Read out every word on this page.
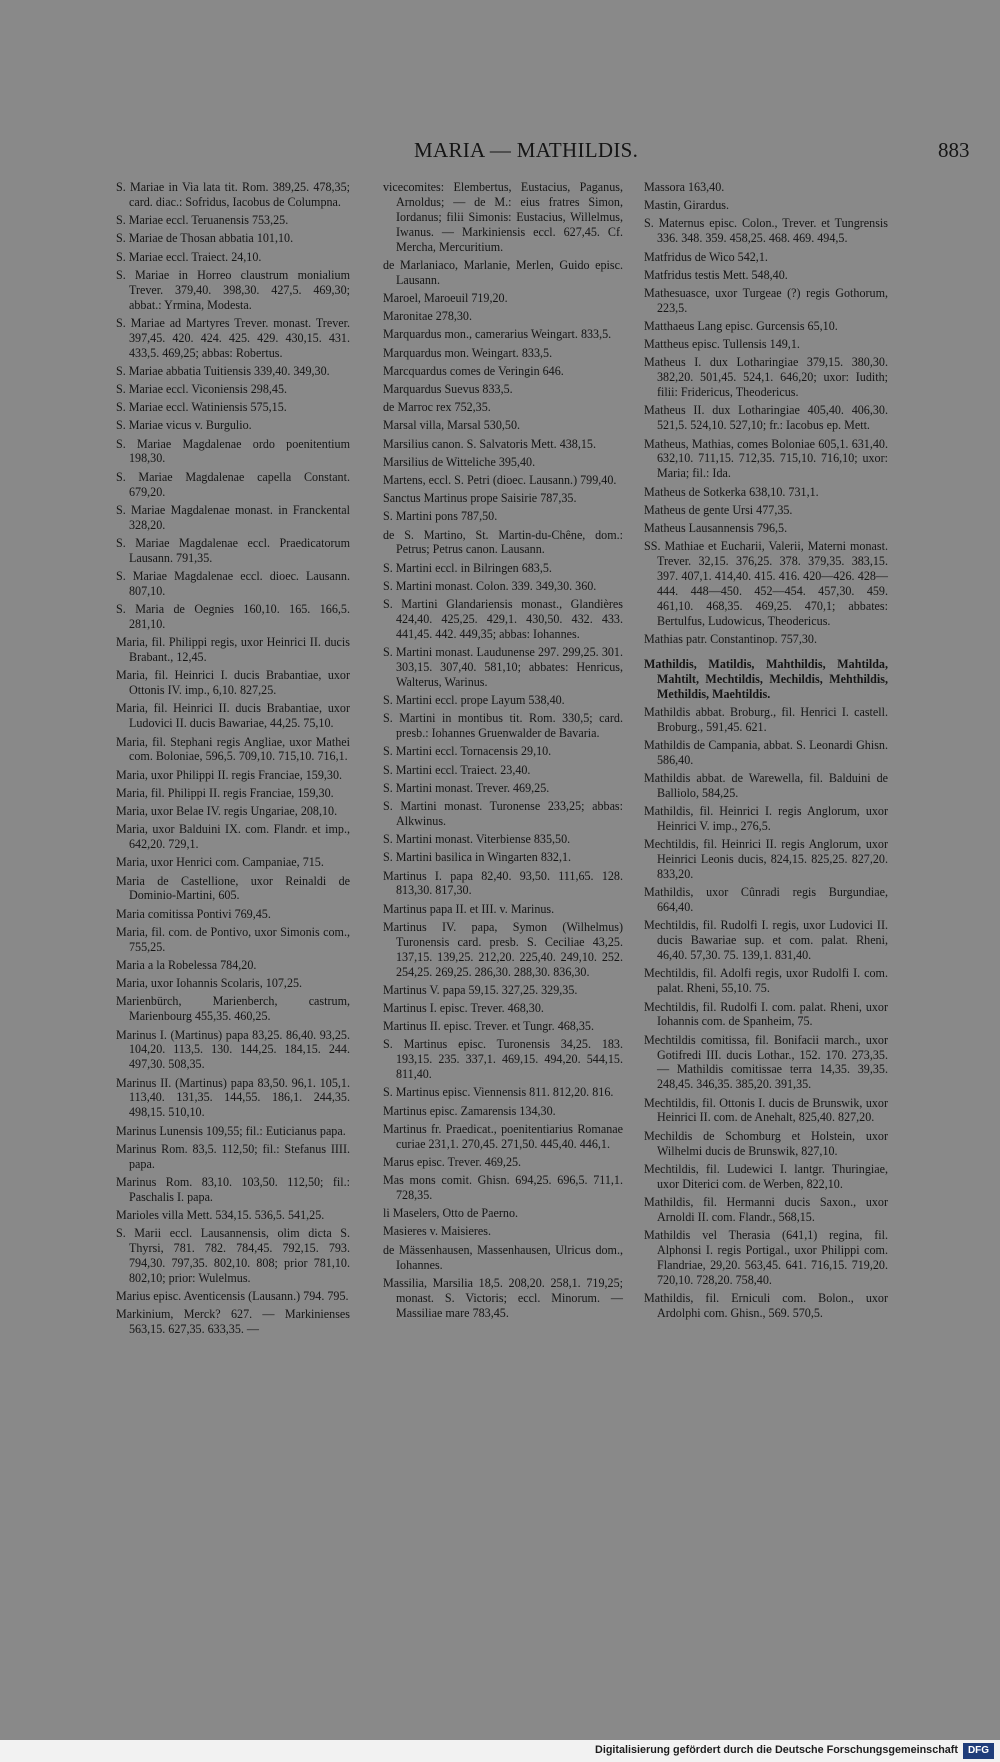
MARIA — MATHILDIS.	883
S. Mariae in Via lata tit. Rom. 389,25. 478,35; card. diac.: Sofridus, Iacobus de Columpna.
S. Mariae eccl. Teruanensis 753,25.
S. Mariae de Thosan abbatia 101,10.
S. Mariae eccl. Traiect. 24,10.
S. Mariae in Horreo claustrum monialium Trever. 379,40. 398,30. 427,5. 469,30; abbat.: Yrmina, Modesta.
S. Mariae ad Martyres Trever. monast. Trever. 397,45. 420. 424. 425. 429. 430,15. 431. 433,5. 469,25; abbas: Robertus.
S. Mariae abbatia Tuitiensis 339,40. 349,30.
S. Mariae eccl. Viconiensis 298,45.
S. Mariae eccl. Watiniensis 575,15.
S. Mariae vicus v. Burgulio.
S. Mariae Magdalenae ordo poenitentium 198,30.
S. Mariae Magdalenae capella Constant. 679,20.
S. Mariae Magdalenae monast. in Franckental 328,20.
S. Mariae Magdalenae eccl. Praedicatorum Lausann. 791,35.
S. Mariae Magdalenae eccl. dioec. Lausann. 807,10.
S. Maria de Oegnies 160,10. 165. 166,5. 281,10.
Maria, fil. Philippi regis, uxor Heinrici II. ducis Brabant., 12,45.
Maria, fil. Heinrici I. ducis Brabantiae, uxor Ottonis IV. imp., 6,10. 827,25.
Maria, fil. Heinrici II. ducis Brabantiae, uxor Ludovici II. ducis Bawariae, 44,25. 75,10.
Maria, fil. Stephani regis Angliae, uxor Mathei com. Boloniae, 596,5. 709,10. 715,10. 716,1.
Maria, uxor Philippi II. regis Franciae, 159,30.
Maria, fil. Philippi II. regis Franciae, 159,30.
Maria, uxor Belae IV. regis Ungariae, 208,10.
Maria, uxor Balduini IX. com. Flandr. et imp., 642,20. 729,1.
Maria, uxor Henrici com. Campaniae, 715.
Maria de Castellione, uxor Reinaldi de Dominio-Martini, 605.
Maria comitissa Pontivi 769,45.
Maria, fil. com. de Pontivo, uxor Simonis com., 755,25.
Maria a la Robelessa 784,20.
Maria, uxor Iohannis Scolaris, 107,25.
Marienbürch, Marienberch, castrum, Marienbourg 455,35. 460,25.
Marinus I. (Martinus) papa 83,25. 86,40. 93,25. 104,20. 113,5. 130. 144,25. 184,15. 244. 497,30. 508,35.
Marinus II. (Martinus) papa 83,50. 96,1. 105,1. 113,40. 131,35. 144,55. 186,1. 244,35. 498,15. 510,10.
Marinus Lunensis 109,55; fil.: Euticianus papa.
Marinus Rom. 83,5. 112,50; fil.: Stefanus IIII. papa.
Marinus Rom. 83,10. 103,50. 112,50; fil.: Paschalis I. papa.
Marioles villa Mett. 534,15. 536,5. 541,25.
S. Marii eccl. Lausannensis, olim dicta S. Thyrsi, 781. 782. 784,45. 792,15. 793. 794,30. 797,35. 802,10. 808; prior 781,10. 802,10; prior: Wulelmus.
Marius episc. Aventicensis (Lausann.) 794. 795.
Markinium, Merck? 627. — Markinienses 563,15. 627,35. 633,35. —
vicecomites: Elembertus, Eustacius, Paganus, Arnoldus; — de M.: eius fratres Simon, Iordanus; filii Simonis: Eustacius, Willelmus, Iwanus. — Markiniensis eccl. 627,45. Cf. Mercha, Mercuritium.
de Marlaniaco, Marlanie, Merlen, Guido episc. Lausann.
Maroel, Maroeuil 719,20.
Maronitae 278,30.
Marquardus mon., camerarius Weingart. 833,5.
Marquardus mon. Weingart. 833,5.
Marcquardus comes de Veringin 646.
Marquardus Suevus 833,5.
de Marroc rex 752,35.
Marsal villa, Marsal 530,50.
Marsilius canon. S. Salvatoris Mett. 438,15.
Marsilius de Witteliche 395,40.
Martens, eccl. S. Petri (dioec. Lausann.) 799,40.
Sanctus Martinus prope Saisirie 787,35.
S. Martini pons 787,50.
de S. Martino, St. Martin-du-Chêne, dom.: Petrus; Petrus canon. Lausann.
S. Martini eccl. in Bilringen 683,5.
S. Martini monast. Colon. 339. 349,30. 360.
S. Martini Glandariensis monast., Glandières 424,40. 425,25. 429,1. 430,50. 432. 433. 441,45. 442. 449,35; abbas: Iohannes.
S. Martini monast. Laudunense 297. 299,25. 301. 303,15. 307,40. 581,10; abbates: Henricus, Walterus, Warinus.
S. Martini eccl. prope Layum 538,40.
S. Martini in montibus tit. Rom. 330,5; card. presb.: Iohannes Gruenwalder de Bavaria.
S. Martini eccl. Tornacensis 29,10.
S. Martini eccl. Traiect. 23,40.
S. Martini monast. Trever. 469,25.
S. Martini monast. Turonense 233,25; abbas: Alkwinus.
S. Martini monast. Viterbiense 835,50.
S. Martini basilica in Wingarten 832,1.
Martinus I. papa 82,40. 93,50. 111,65. 128. 813,30. 817,30.
Martinus papa II. et III. v. Marinus.
Martinus IV. papa, Symon (Wilhelmus) Turonensis card. presb. S. Ceciliae 43,25. 137,15. 139,25. 212,20. 225,40. 249,10. 252. 254,25. 269,25. 286,30. 288,30. 836,30.
Martinus V. papa 59,15. 327,25. 329,35.
Martinus I. episc. Trever. 468,30.
Martinus II. episc. Trever. et Tungr. 468,35.
S. Martinus episc. Turonensis 34,25. 183. 193,15. 235. 337,1. 469,15. 494,20. 544,15. 811,40.
S. Martinus episc. Viennensis 811. 812,20. 816.
Martinus episc. Zamarensis 134,30.
Martinus fr. Praedicat., poenitentiarius Romanae curiae 231,1. 270,45. 271,50. 445,40. 446,1.
Marus episc. Trever. 469,25.
Mas mons comit. Ghisn. 694,25. 696,5. 711,1. 728,35.
li Maselers, Otto de Paerno.
Masieres v. Maisieres.
de Mässenhausen, Massenhausen, Ulricus dom., Iohannes.
Massilia, Marsilia 18,5. 208,20. 258,1. 719,25; monast. S. Victoris; eccl. Minorum. — Massiliae mare 783,45.
Massora 163,40.
Mastin, Girardus.
S. Maternus episc. Colon., Trever. et Tungrensis 336. 348. 359. 458,25. 468. 469. 494,5.
Matfridus de Wico 542,1.
Matfridus testis Mett. 548,40.
Mathesuasce, uxor Turgeae (?) regis Gothorum, 223,5.
Matthaeus Lang episc. Gurcensis 65,10.
Mattheus episc. Tullensis 149,1.
Matheus I. dux Lotharingiae 379,15. 380,30. 382,20. 501,45. 524,1. 646,20; uxor: Iudith; filii: Fridericus, Theodericus.
Matheus II. dux Lotharingiae 405,40. 406,30. 521,5. 524,10. 527,10; fr.: Iacobus ep. Mett.
Matheus, Mathias, comes Boloniae 605,1. 631,40. 632,10. 711,15. 712,35. 715,10. 716,10; uxor: Maria; fil.: Ida.
Matheus de Sotkerka 638,10. 731,1.
Matheus de gente Ursi 477,35.
Matheus Lausannensis 796,5.
SS. Mathiae et Eucharii, Valerii, Materni monast. Trever. 32,15. 376,25. 378. 379,35. 383,15. 397. 407,1. 414,40. 415. 416. 420—426. 428—444. 448—450. 452—454. 457,30. 459. 461,10. 468,35. 469,25. 470,1; abbates: Bertulfus, Ludowicus, Theodericus.
Mathias patr. Constantinop. 757,30.
Mathildis, Matildis, Mahthildis, Mahtilda, Mahtilt, Mechtildis, Mechildis, Mehthildis, Methildis, Maehtildis.
Mathildis abbat. Broburg., fil. Henrici I. castell. Broburg., 591,45. 621.
Mathildis de Campania, abbat. S. Leonardi Ghisn. 586,40.
Mathildis abbat. de Warewella, fil. Balduini de Balliolo, 584,25.
Mathildis, fil. Heinrici I. regis Anglorum, uxor Heinrici V. imp., 276,5.
Mechtildis, fil. Heinrici II. regis Anglorum, uxor Heinrici Leonis ducis, 824,15. 825,25. 827,20. 833,20.
Mathildis, uxor Cûnradi regis Burgundiae, 664,40.
Mechtildis, fil. Rudolfi I. regis, uxor Ludovici II. ducis Bawariae sup. et com. palat. Rheni, 46,40. 57,30. 75. 139,1. 831,40.
Mechtildis, fil. Adolfi regis, uxor Rudolfi I. com. palat. Rheni, 55,10. 75.
Mechtildis, fil. Rudolfi I. com. palat. Rheni, uxor Iohannis com. de Spanheim, 75.
Mechtildis comitissa, fil. Bonifacii march., uxor Gotifredi III. ducis Lothar., 152. 170. 273,35. — Mathildis comitissae terra 14,35. 39,35. 248,45. 346,35. 385,20. 391,35.
Mechtildis, fil. Ottonis I. ducis de Brunswik, uxor Heinrici II. com. de Anehalt, 825,40. 827,20.
Mechildis de Schomburg et Holstein, uxor Wilhelmi ducis de Brunswik, 827,10.
Mechtildis, fil. Ludewici I. lantgr. Thuringiae, uxor Diterici com. de Werben, 822,10.
Mathildis, fil. Hermanni ducis Saxon., uxor Arnoldi II. com. Flandr., 568,15.
Mathildis vel Therasia (641,1) regina, fil. Alphonsi I. regis Portigal., uxor Philippi com. Flandriae, 29,20. 563,45. 641. 716,15. 719,20. 720,10. 728,20. 758,40.
Mathildis, fil. Erniculi com. Bolon., uxor Ardolphi com. Ghisn., 569. 570,5.
Digitalisierung gefördert durch die Deutsche Forschungsgemeinschaft DFG
